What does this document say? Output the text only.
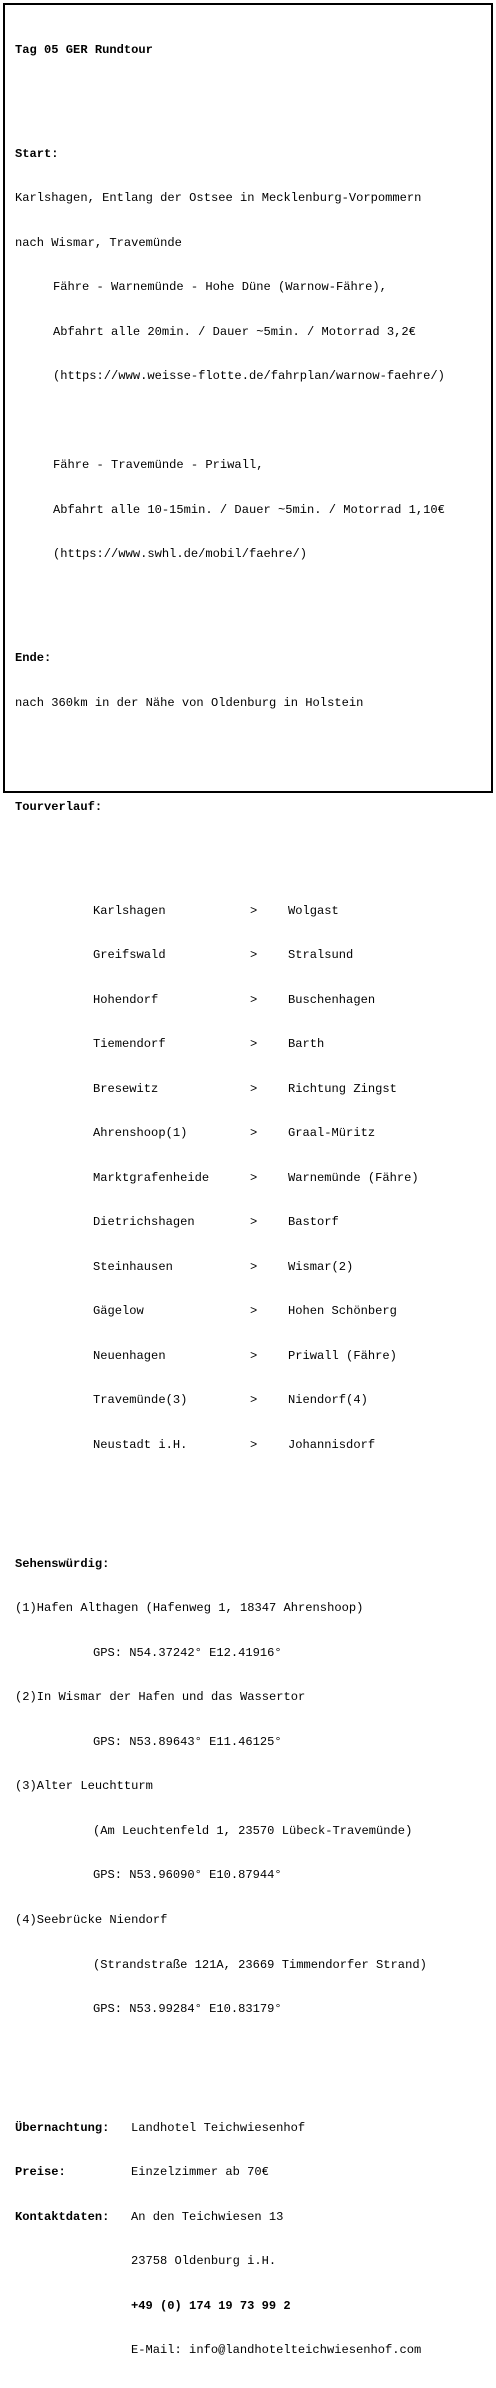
Tag 05 GER Rundtour

Start:

Karlshagen, Entlang der Ostsee in Mecklenburg-Vorpommern

nach Wismar, Travemünde

Fähre - Warnemünde - Hohe Düne (Warnow-Fähre),

Abfahrt alle 20min. / Dauer ~5min. / Motorrad 3,2€

(https://www.weisse-flotte.de/fahrplan/warnow-faehre/)

Fähre - Travemünde - Priwall,

Abfahrt alle 10-15min. / Dauer ~5min. / Motorrad 1,10€

(https://www.swhl.de/mobil/faehre/)

Ende:

nach 360km in der Nähe von Oldenburg in Holstein

Tourverlauf:

Karlshagen	>	Wolgast

Greifswald	>	Stralsund

Hohendorf	>	Buschenhagen

Tiemendorf	>	Barth

Bresewitz	>	Richtung Zingst

Ahrenshoop(1)	>	Graal-Müritz

Marktgrafenheide	>	Warnemünde (Fähre)

Dietrichshagen	>	Bastorf

Steinhausen	>	Wismar(2)

Gägelow	>	Hohen Schönberg

Neuenhagen	>	Priwall (Fähre)

Travemünde(3)	>	Niendorf(4)

Neustadt i.H.	>	Johannisdorf

Sehenswürdig:

(1)Hafen Althagen (Hafenweg 1, 18347 Ahrenshoop)

GPS: N54.37242° E12.41916°

(2)In Wismar der Hafen und das Wassertor

GPS: N53.89643° E11.46125°

(3)Alter Leuchtturm

(Am Leuchtenfeld 1, 23570 Lübeck-Travemünde)

GPS: N53.96090° E10.87944°

(4)Seebrücke Niendorf

(Strandstraße 121A, 23669 Timmendorfer Strand)

GPS: N53.99284° E10.83179°

Übernachtung: Landhotel Teichwiesenhof

Preise:	Einzelzimmer ab 70€

Kontaktdaten: An den Teichwiesen 13

23758 Oldenburg i.H.

+49 (0) 174 19 73 99 2

E-Mail: info@landhotelteichwiesenhof.com
